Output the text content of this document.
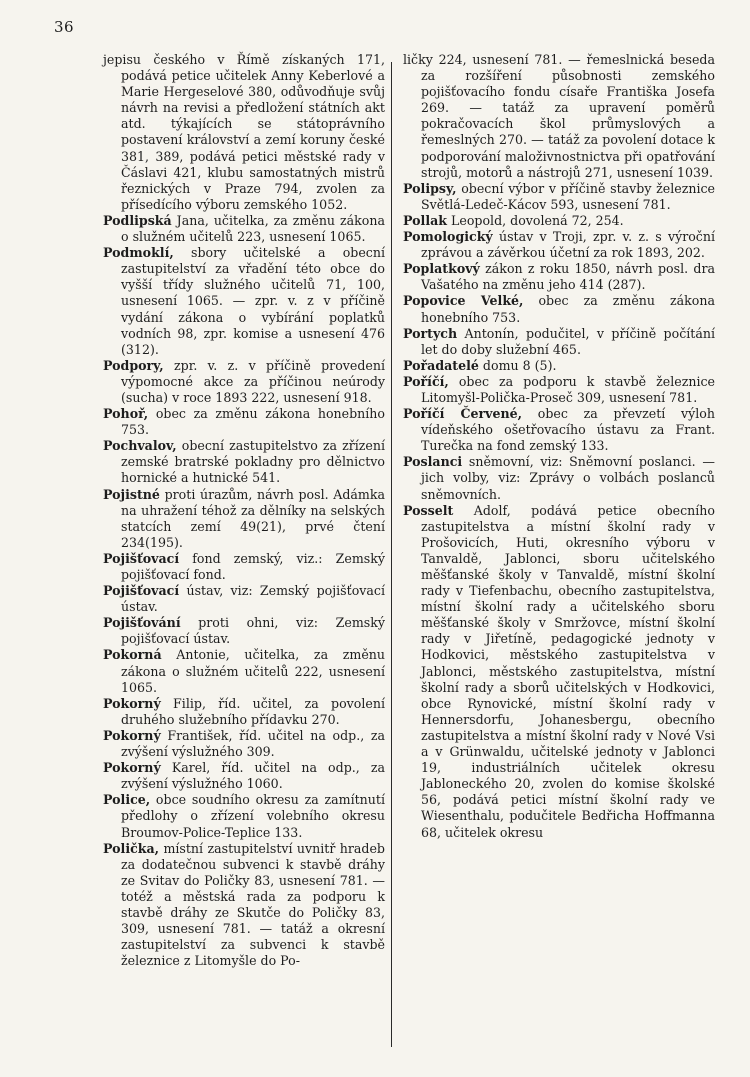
36

jepisu českého v Římě získaných 171, podává petice učitelek Anny Keberlové a Marie Hergeselové 380, odůvodňuje svůj návrh na revisi a předložení státních akt atd. týkajících se státoprávního postavení království a zemí koruny české 381, 389, podává petici městské rady v Čáslavi 421, klubu samostatných mistrů řeznických v Praze 794, zvolen za přísedícího výboru zemského 1052.

Podlipská Jana, učitelka, za změnu zákona o služném učitelů 223, usnesení 1065.

Podmoklí, sbory učitelské a obecní zastupitelství za vřadění této obce do vyšší třídy služného učitelů 71, 100, usnesení 1065. — zpr. v. z v příčině vydání zákona o vybírání poplatků vodních 98, zpr. komise a usnesení 476 (312).

Podpory, zpr. v. z. v příčině provedení výpomocné akce za příčinou neúrody (sucha) v roce 1893 222, usnesení 918.

Pohoř, obec za změnu zákona honebního 753.

Pochvalov, obecní zastupitelstvo za zřízení zemské bratrské pokladny pro dělnictvo hornické a hutnické 541.

Pojistné proti úrazům, návrh posl. Adámka na uhražení téhož za dělníky na selských statcích zemí 49(21), prvé čtení 234(195).

Pojišťovací fond zemský, viz.: Zemský pojišťovací fond.

Pojišťovací ústav, viz: Zemský pojišťovací ústav.

Pojišťování proti ohni, viz: Zemský pojišťovací ústav.

Pokorná Antonie, učitelka, za změnu zákona o služném učitelů 222, usnesení 1065.

Pokorný Filip, říd. učitel, za povolení druhého služebního přídavku 270.

Pokorný František, říd. učitel na odp., za zvýšení výslužného 309.

Pokorný Karel, říd. učitel na odp., za zvýšení výslužného 1060.

Police, obce soudního okresu za zamítnutí předlohy o zřízení volebního okresu Broumov-Police-Teplice 133.

Polička, místní zastupitelství uvnitř hradeb za dodatečnou subvenci k stavbě dráhy ze Svitav do Poličky 83, usnesení 781. — totéž a městská rada za podporu k stavbě dráhy ze Skutče do Poličky 83, 309, usnesení 781. — tatáž a okresní zastupitelství za subvenci k stavbě železnice z Litomyšle do Po-

ličky 224, usnesení 781. — řemeslnická beseda za rozšíření působnosti zemského pojišťovacího fondu císaře Františka Josefa 269. — tatáž za upravení poměrů pokračovacích škol průmyslových a řemeslných 270. — tatáž za povolení dotace k podporování maloživnostnictva při opatřování strojů, motorů a nástrojů 271, usnesení 1039.

Polipsy, obecní výbor v příčině stavby železnice Světlá-Ledeč-Kácov 593, usnesení 781.

Pollak Leopold, dovolená 72, 254.

Pomologický ústav v Troji, zpr. v. z. s výroční zprávou a závěrkou účetní za rok 1893, 202.

Poplatkový zákon z roku 1850, návrh posl. dra Vašatého na změnu jeho 414 (287).

Popovice Velké, obec za změnu zákona honebního 753.

Portych Antonín, podučitel, v příčině počítání let do doby služební 465.

Pořadatelé domu 8 (5).

Poříčí, obec za podporu k stavbě železnice Litomyšl-Polička-Proseč 309, usnesení 781.

Poříčí Červené, obec za převzetí výloh vídeňského ošetřovacího ústavu za Frant. Turečka na fond zemský 133.

Poslanci sněmovní, viz: Sněmovní poslanci. — jich volby, viz: Zprávy o volbách poslanců sněmovních.

Posselt Adolf, podává petice obecního zastupitelstva a místní školní rady v Prošovicích, Huti, okresního výboru v Tanvaldě, Jablonci, sboru učitelského měšťanské školy v Tanvaldě, místní školní rady v Tiefenbachu, obecního zastupitelstva, místní školní rady a učitelského sboru měšťanské školy v Smržovce, místní školní rady v Jiřetíně, pedagogické jednoty v Hodkovici, městského zastupitelstva v Jablonci, městského zastupitelstva, místní školní rady a sborů učitelských v Hodkovici, obce Rynovické, místní školní rady v Hennersdorfu, Johanesbergu, obecního zastupitelstva a místní školní rady v Nové Vsi a v Grünwaldu, učitelské jednoty v Jablonci 19, industriálních učitelek okresu Jabloneckého 20, zvolen do komise školské 56, podává petici místní školní rady ve Wiesenthalu, podučitele Bedřicha Hoffmanna 68, učitelek okresu
